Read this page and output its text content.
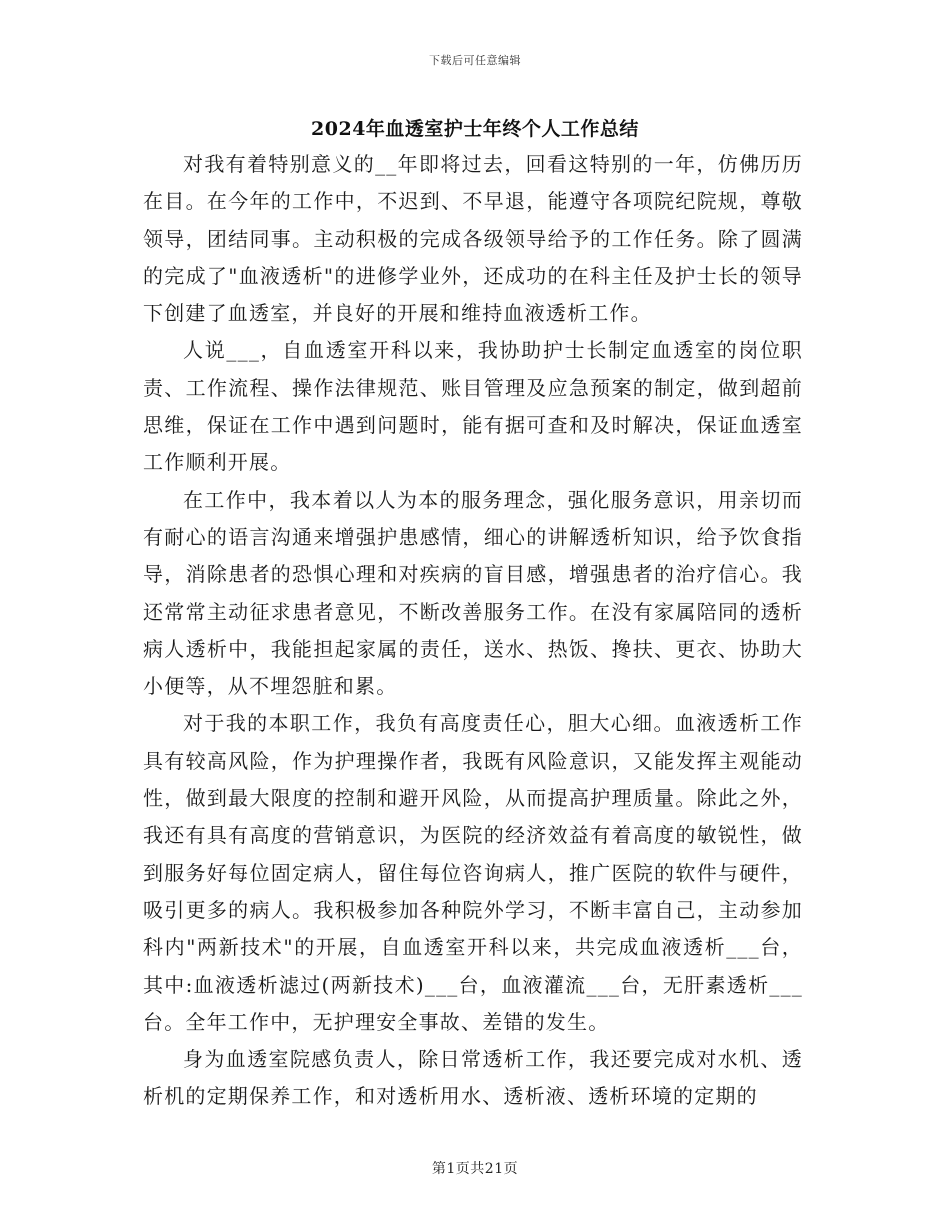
下载后可任意编辑
2024年血透室护士年终个人工作总结

对我有着特别意义的__年即将过去，回看这特别的一年，仿佛历历在目。在今年的工作中，不迟到、不早退，能遵守各项院纪院规，尊敬领导，团结同事。主动积极的完成各级领导给予的工作任务。除了圆满的完成了"血液透析"的进修学业外，还成功的在科主任及护士长的领导下创建了血透室，并良好的开展和维持血液透析工作。

人说___，自血透室开科以来，我协助护士长制定血透室的岗位职责、工作流程、操作法律规范、账目管理及应急预案的制定，做到超前思维，保证在工作中遇到问题时，能有据可查和及时解决，保证血透室工作顺利开展。

在工作中，我本着以人为本的服务理念，强化服务意识，用亲切而有耐心的语言沟通来增强护患感情，细心的讲解透析知识，给予饮食指导，消除患者的恐惧心理和对疾病的盲目感，增强患者的治疗信心。我还常常主动征求患者意见，不断改善服务工作。在没有家属陪同的透析病人透析中，我能担起家属的责任，送水、热饭、搀扶、更衣、协助大小便等，从不埋怨脏和累。

对于我的本职工作，我负有高度责任心，胆大心细。血液透析工作具有较高风险，作为护理操作者，我既有风险意识，又能发挥主观能动性，做到最大限度的控制和避开风险，从而提高护理质量。除此之外，我还有具有高度的营销意识，为医院的经济效益有着高度的敏锐性，做到服务好每位固定病人，留住每位咨询病人，推广医院的软件与硬件，吸引更多的病人。我积极参加各种院外学习，不断丰富自己，主动参加科内"两新技术"的开展，自血透室开科以来，共完成血液透析___台，其中:血液透析滤过(两新技术)___台，血液灌流___台，无肝素透析___台。全年工作中，无护理安全事故、差错的发生。

身为血透室院感负责人，除日常透析工作，我还要完成对水机、透析机的定期保养工作，和对透析用水、透析液、透析环境的定期的

第1页共21页
